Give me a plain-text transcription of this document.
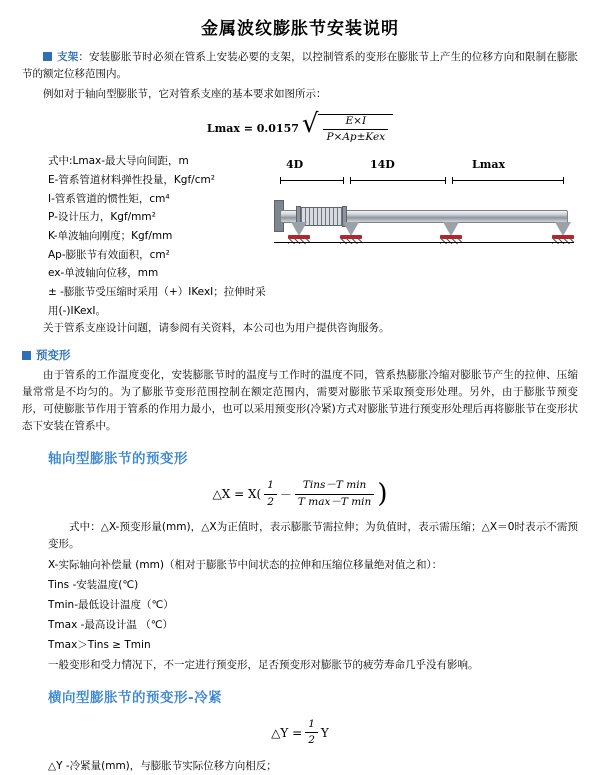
金属波纹膨胀节安装说明

支架：安装膨胀节时必须在管系上安装必要的支架，以控制管系的变形在膨胀节上产生的位移方向和限制在膨胀节的额定位移范围内。

例如对于轴向型膨胀节，它对管系支座的基本要求如图所示：

Lmax = 0.0157 √ $\frac{E\times I}{\text{P×Ap±Kex}}$
式中:Lmax-最大导向间距，m
E-管系管道材料弹性投量，Kgf/cm²
I-管系管道的惯性矩，cm⁴
P-设计压力，Kgf/mm²
K-单波轴向刚度；Kgf/mm
Ap-膨胀节有效面积，cm²
ex-单波轴向位移，mm
± -膨胀节受压缩时采用（+）IKexI；拉伸时采用(-)IKexI。
4D	14D	Lmax

关于管系支座设计问题，请参阅有关资料，本公司也为用户提供咨询服务。

预变形

由于管系的工作温度变化，安装膨胀节时的温度与工作时的温度不同，管系热膨胀冷缩对膨胀节产生的拉伸、压缩量常常是不均匀的。为了膨胀节变形范围控制在额定范围内，需要对膨胀节采取预变形处理。另外，由于膨胀节预变形，可使膨胀节作用于管系的作用力最小，也可以采用预变形(冷紧)方式对膨胀节进行预变形处理后再将膨胀节在变形状态下安装在管系中。

轴向型膨胀节的预变形
△X = $X( \frac{1}{2} - \frac{\text{Tins－T min}}{\text{T max－T min}}$ )

式中：△X-预变形量(mm)，△X为正值时，表示膨胀节需拉伸；为负值时，表示需压缩；△X＝0时表示不需预变形。

X-实际轴向补偿量 (mm)（相对于膨胀节中间状态的拉伸和压缩位移量绝对值之和）：
Tins -安装温度(℃)
Tmin-最低设计温度（℃）
Tmax -最高设计温 （℃）
Tmax＞Tins ≥ Tmin
一般变形和受力情况下，不一定进行预变形，足否预变形对膨胀节的疲劳寿命几乎没有影响。
横向型膨胀节的预变形-冷紧
△Y = $\frac{1}{2}$ Y
△Y -冷紧量(mm)，与膨胀节实际位移方向相反；
